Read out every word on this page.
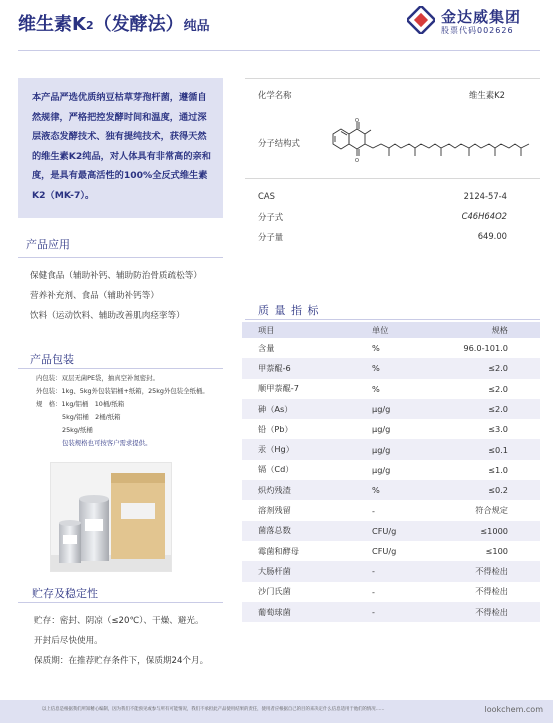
维生素K2（发酵法）纯品
金达威集团
股票代码002626

本产品严选优质纳豆枯草芽孢杆菌，遵循自然规律，严格把控发酵时间和温度，通过深层液态发酵技术、独有提纯技术，获得天然的维生素K2纯品，对人体具有非常高的亲和度，是具有最高活性的100%全反式维生素K2（MK-7）。

产品应用
保健食品（辅助补钙、辅助防治骨质疏松等）
营养补充剂、食品（辅助补钙等）
饮料（运动饮料、辅助改善肌肉痉挛等）
产品包装
内包装：双层无菌PE袋，抽真空补氮密封。
外包装：1kg、5kg外包装铝桶+纸箱，25kg外包装全纸桶。
规　格：1kg/铝桶　10桶/纸箱
5kg/铝桶　2桶/纸箱
25kg/纸桶
包装规格也可按客户需求提供。
贮存及稳定性
贮存：密封、阴凉（≤20℃）、干燥、避光。
开封后尽快使用。
保质期：在推荐贮存条件下，保质期24个月。
化学名称	维生素K2
分子结构式
O
O
CAS	2124-57-4
分子式	C46H64O2
分子量	649.00
质 量 指 标
项目	单位	规格
含量	%	96.0-101.0
甲萘醌-6	%	≤2.0
顺甲萘醌-7	%	≤2.0
砷（As）	μg/g	≤2.0
铅（Pb）	μg/g	≤3.0
汞（Hg）	μg/g	≤0.1
镉（Cd）	μg/g	≤1.0
炽灼残渣	%	≤0.2
溶剂残留	-	符合规定
菌落总数	CFU/g	≤1000
霉菌和酵母	CFU/g	≤100
大肠杆菌	-	不得检出
沙门氏菌	-	不得检出
葡萄球菌	-	不得检出
以上信息是根据我们所知精心编制，因为我们不能预见或参与所有可能情况，我们不承担此产品使用结果的责任，使用者应根据自己的目的来决定什么信息适用于他们的情况……	lookchem.com
